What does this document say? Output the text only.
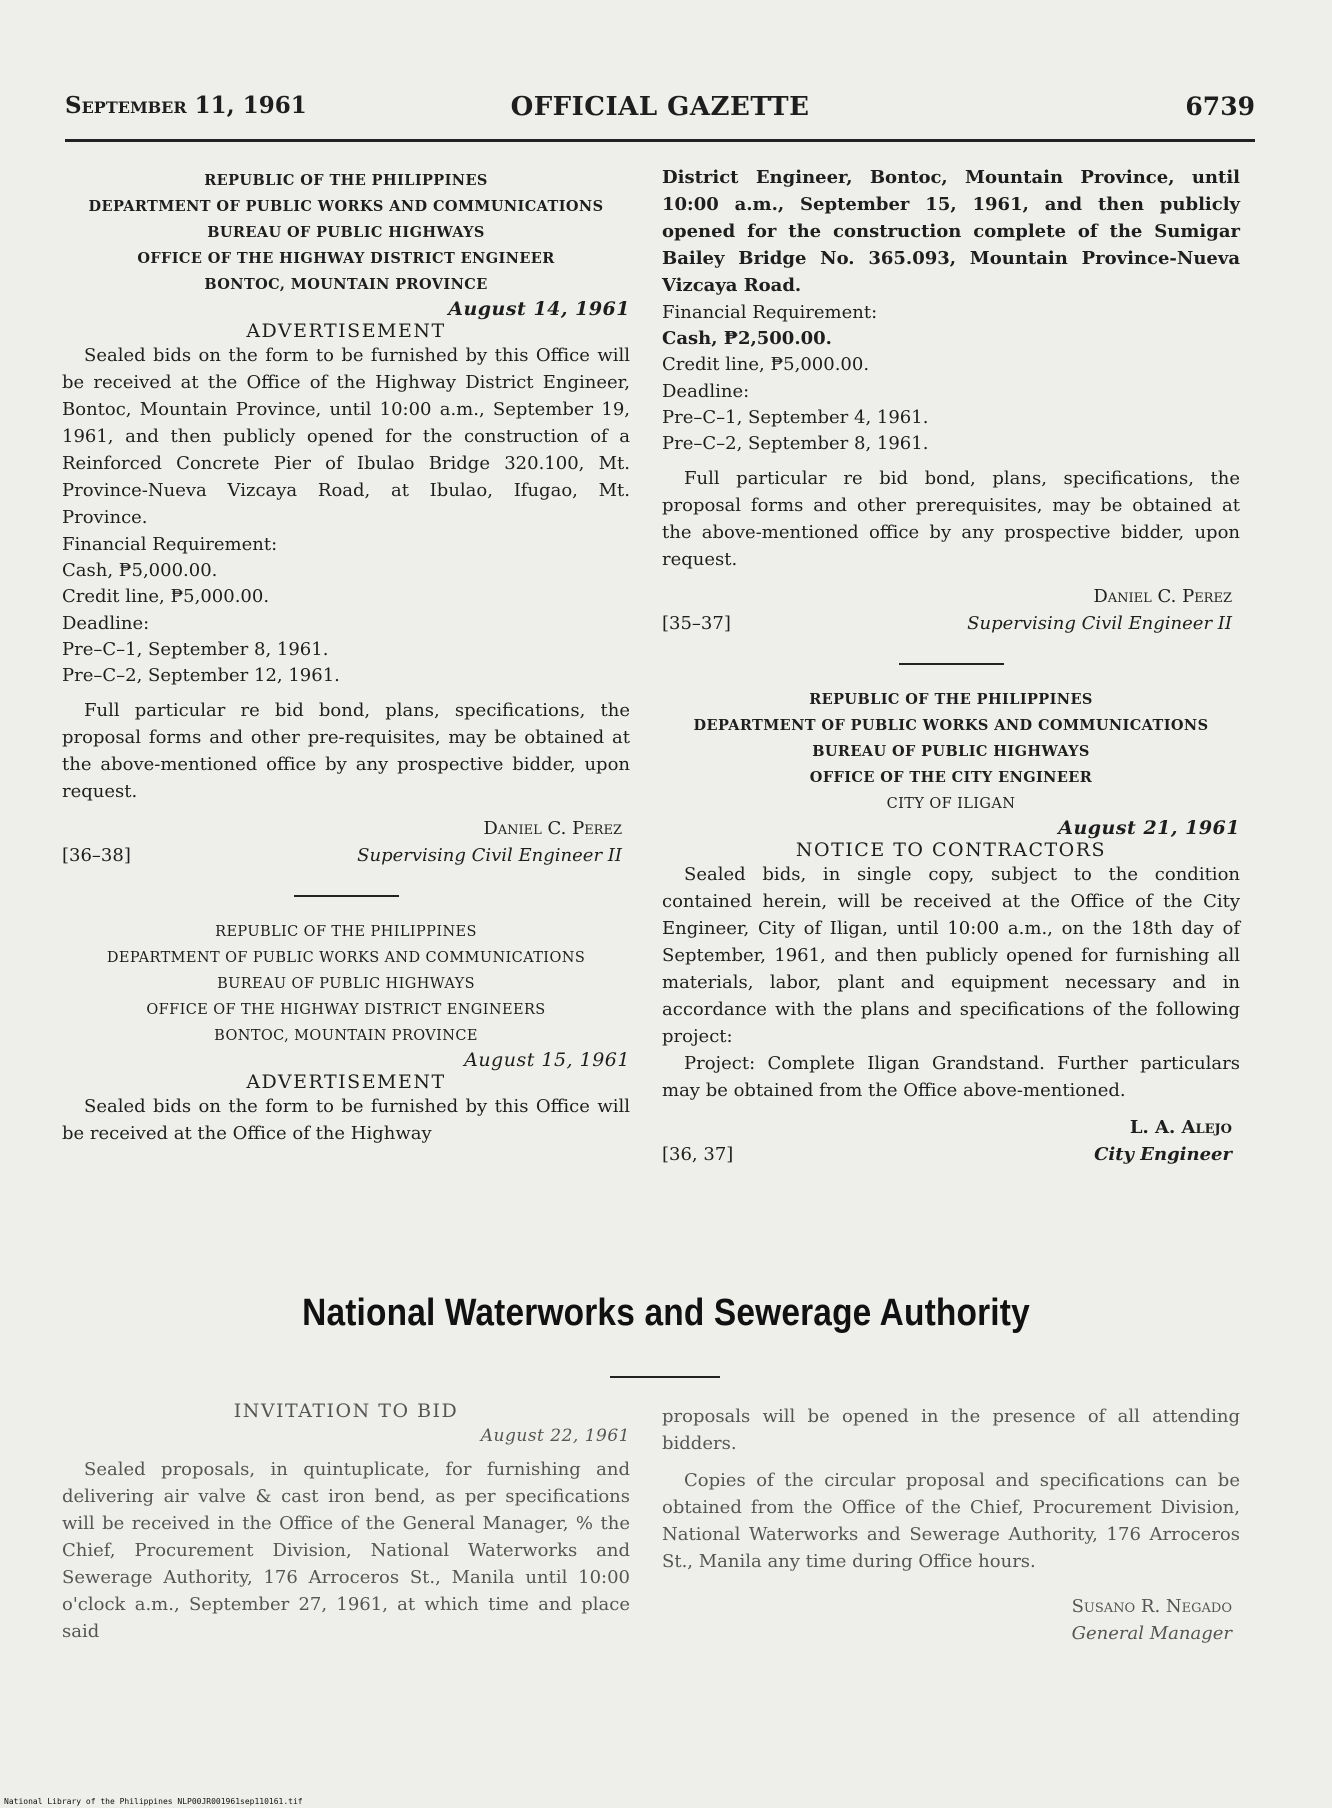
September 11, 1961	OFFICIAL GAZETTE	6739

REPUBLIC OF THE PHILIPPINES

DEPARTMENT OF PUBLIC WORKS AND COMMUNICATIONS

BUREAU OF PUBLIC HIGHWAYS

OFFICE OF THE HIGHWAY DISTRICT ENGINEER

BONTOC, MOUNTAIN PROVINCE

August 14, 1961

ADVERTISEMENT

Sealed bids on the form to be furnished by this Office will be received at the Office of the Highway District Engineer, Bontoc, Mountain Province, until 10:00 a.m., September 19, 1961, and then publicly opened for the construction of a Reinforced Concrete Pier of Ibulao Bridge 320.100, Mt. Province-Nueva Vizcaya Road, at Ibulao, Ifugao, Mt. Province.

Financial Requirement:

Cash, ₱5,000.00.

Credit line, ₱5,000.00.

Deadline:

Pre–C–1, September 8, 1961.

Pre–C–2, September 12, 1961.

Full particular re bid bond, plans, specifications, the proposal forms and other pre-requisites, may be obtained at the above-mentioned office by any prospective bidder, upon request.

Daniel C. Perez

[36–38]	Supervising Civil Engineer II

REPUBLIC OF THE PHILIPPINES

DEPARTMENT OF PUBLIC WORKS AND COMMUNICATIONS

BUREAU OF PUBLIC HIGHWAYS

OFFICE OF THE HIGHWAY DISTRICT ENGINEERS

BONTOC, MOUNTAIN PROVINCE

August 15, 1961

ADVERTISEMENT

Sealed bids on the form to be furnished by this Office will be received at the Office of the Highway

District Engineer, Bontoc, Mountain Province, until 10:00 a.m., September 15, 1961, and then publicly opened for the construction complete of the Sumigar Bailey Bridge No. 365.093, Mountain Province-Nueva Vizcaya Road.

Financial Requirement:

Cash, ₱2,500.00.

Credit line, ₱5,000.00.

Deadline:

Pre–C–1, September 4, 1961.

Pre–C–2, September 8, 1961.

Full particular re bid bond, plans, specifications, the proposal forms and other prerequisites, may be obtained at the above-mentioned office by any prospective bidder, upon request.

Daniel C. Perez

[35–37]	Supervising Civil Engineer II

REPUBLIC OF THE PHILIPPINES

DEPARTMENT OF PUBLIC WORKS AND COMMUNICATIONS

BUREAU OF PUBLIC HIGHWAYS

OFFICE OF THE CITY ENGINEER

CITY OF ILIGAN

August 21, 1961

NOTICE TO CONTRACTORS

Sealed bids, in single copy, subject to the condition contained herein, will be received at the Office of the City Engineer, City of Iligan, until 10:00 a.m., on the 18th day of September, 1961, and then publicly opened for furnishing all materials, labor, plant and equipment necessary and in accordance with the plans and specifications of the following project:

Project: Complete Iligan Grandstand. Further particulars may be obtained from the Office above-mentioned.

L. A. Alejo

[36, 37]	City Engineer
National Waterworks and Sewerage Authority

INVITATION TO BID

August 22, 1961

Sealed proposals, in quintuplicate, for furnishing and delivering air valve & cast iron bend, as per specifications will be received in the Office of the General Manager, % the Chief, Procurement Division, National Waterworks and Sewerage Authority, 176 Arroceros St., Manila until 10:00 o'clock a.m., September 27, 1961, at which time and place said

proposals will be opened in the presence of all attending bidders.

Copies of the circular proposal and specifications can be obtained from the Office of the Chief, Procurement Division, National Waterworks and Sewerage Authority, 176 Arroceros St., Manila any time during Office hours.

Susano R. Negado

General Manager

National Library of the Philippines NLP00JR001961sep110161.tif
